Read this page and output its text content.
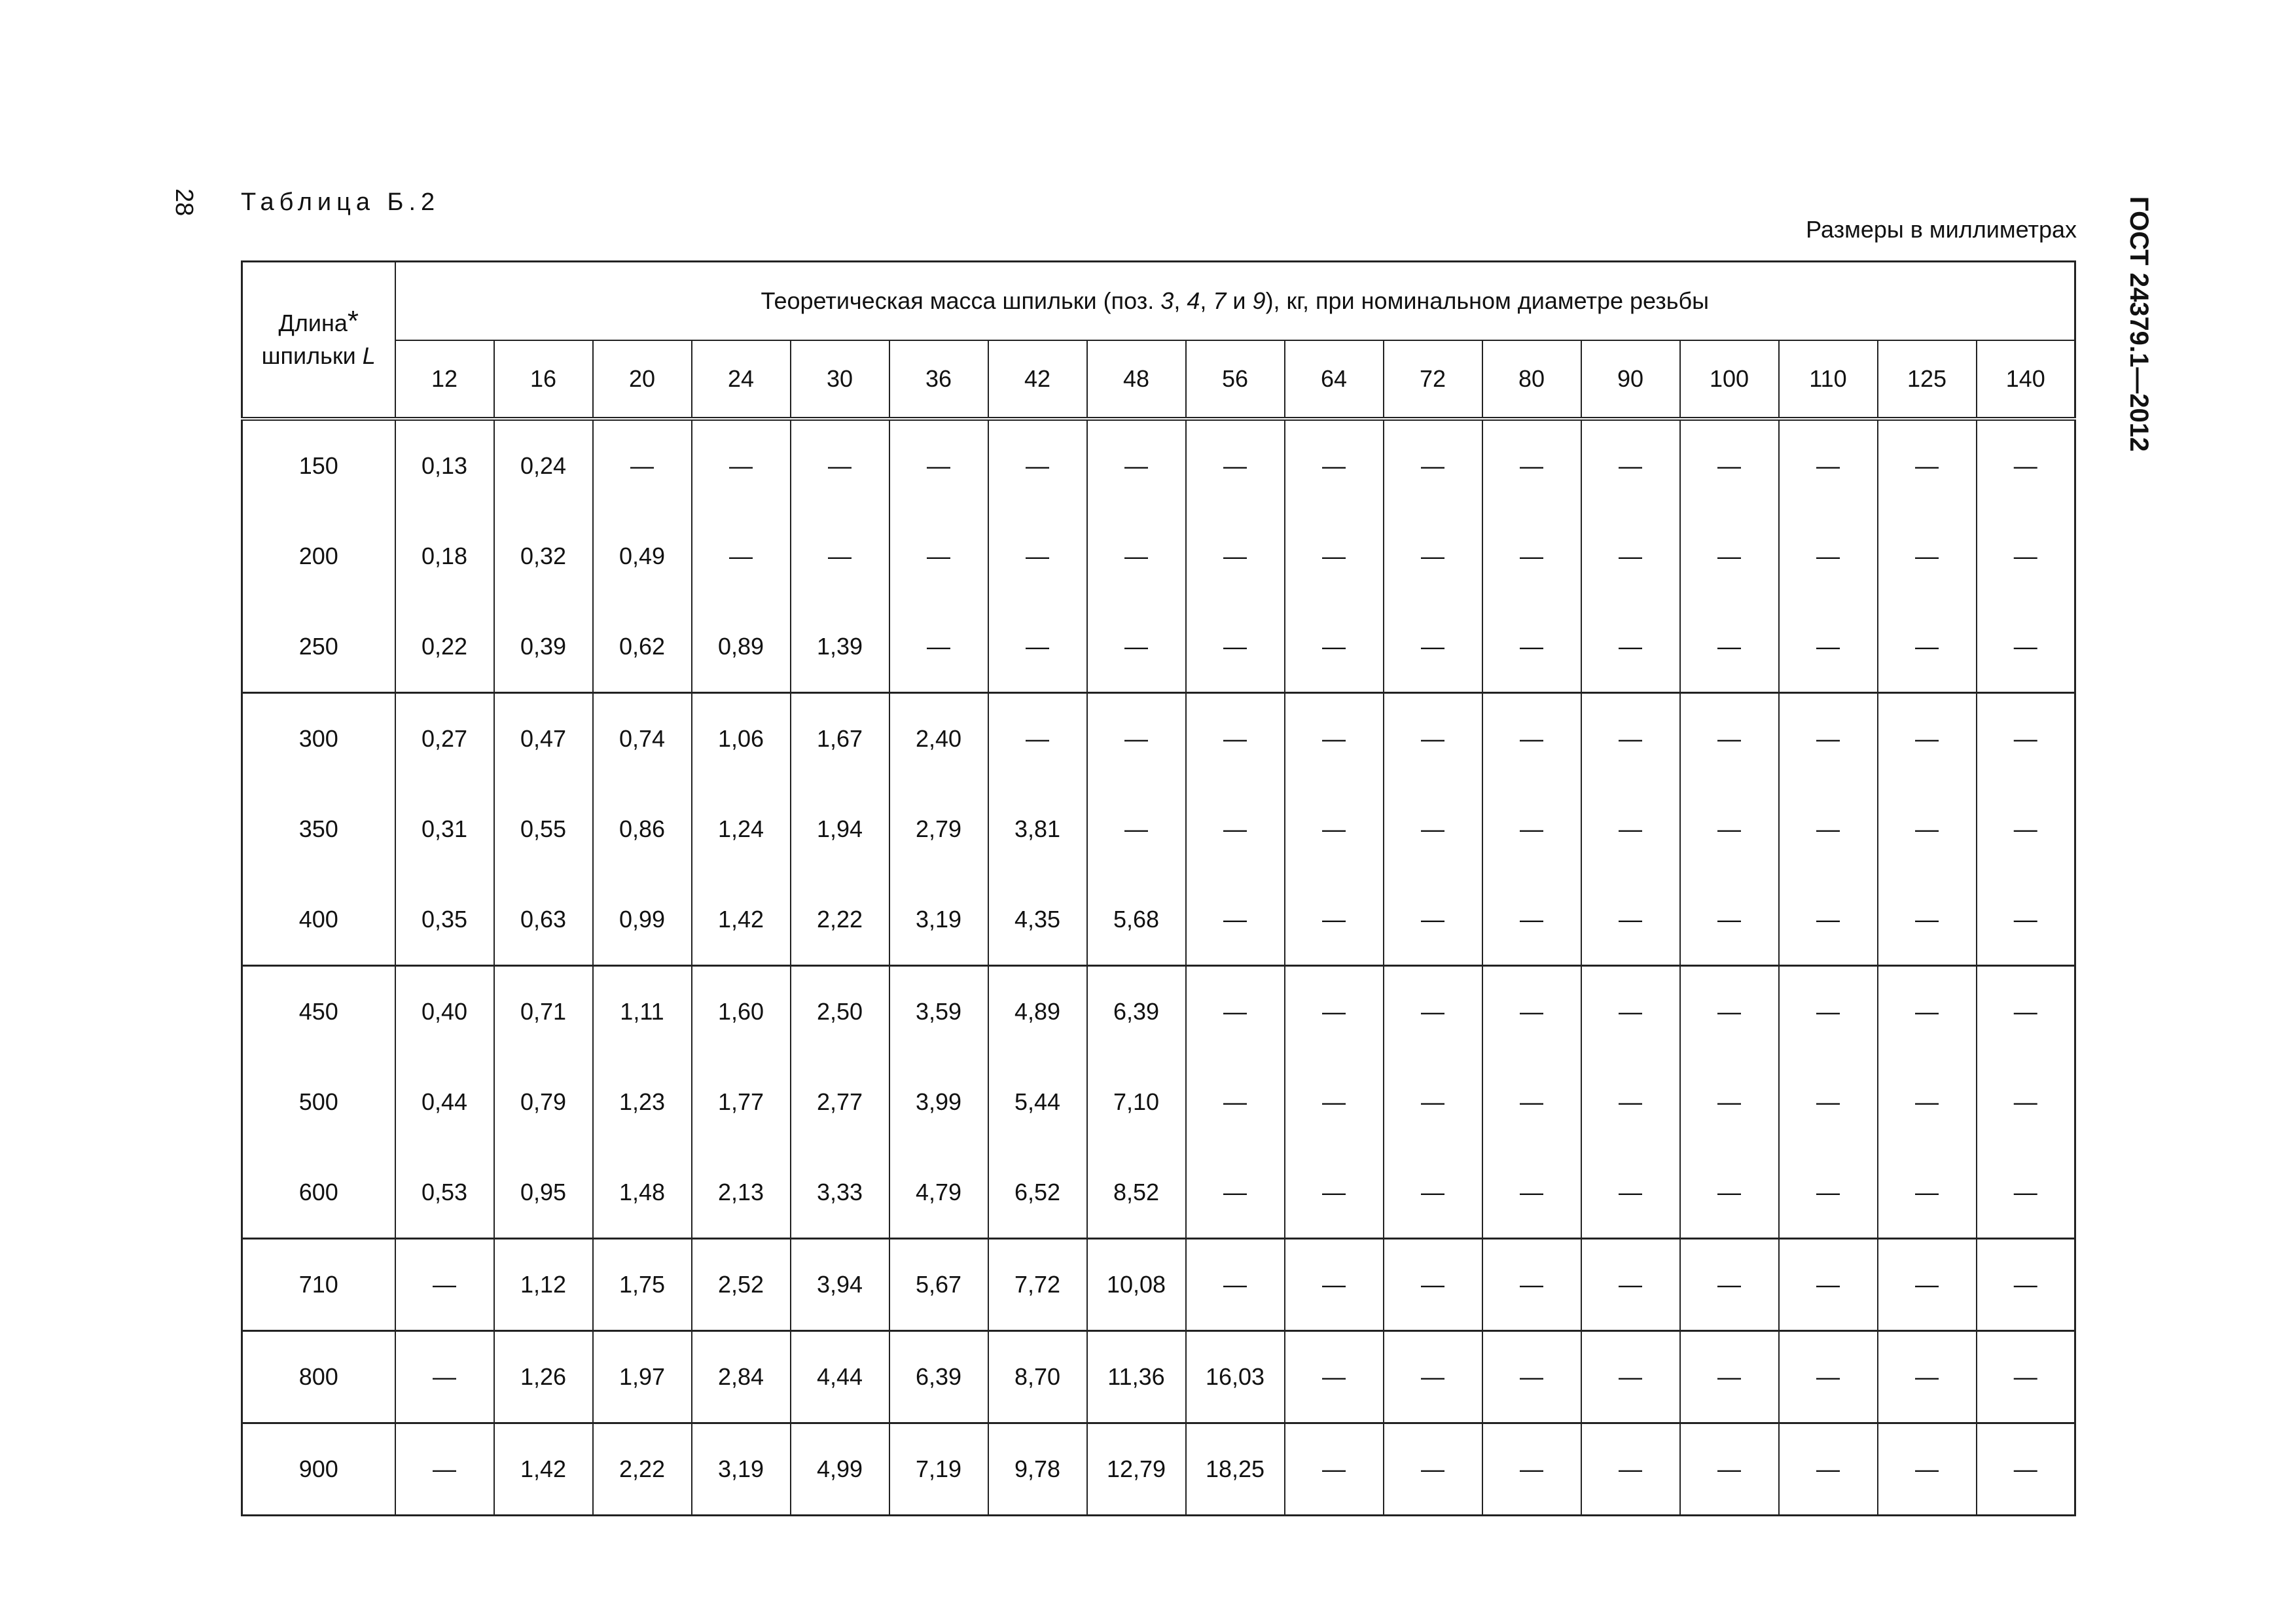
28 Таблица Б.2
Размеры в миллиметрах ГОСТ 24379.1—2012
Длина*
шпильки L	Теоретическая масса шпильки (поз. 3, 4, 7 и 9), кг, при номинальном диаметре резьбы																
	12	16	20	24	30	36	42	48	56	64	72	80	90	100	110	125	140
150	0,13	0,24	—	—	—	—	—	—	—	—	—	—	—	—	—	—	—
200	0,18	0,32	0,49	—	—	—	—	—	—	—	—	—	—	—	—	—	—
250	0,22	0,39	0,62	0,89	1,39	—	—	—	—	—	—	—	—	—	—	—	—
300	0,27	0,47	0,74	1,06	1,67	2,40	—	—	—	—	—	—	—	—	—	—	—
350	0,31	0,55	0,86	1,24	1,94	2,79	3,81	—	—	—	—	—	—	—	—	—	—
400	0,35	0,63	0,99	1,42	2,22	3,19	4,35	5,68	—	—	—	—	—	—	—	—	—
450	0,40	0,71	1,11	1,60	2,50	3,59	4,89	6,39	—	—	—	—	—	—	—	—	—
500	0,44	0,79	1,23	1,77	2,77	3,99	5,44	7,10	—	—	—	—	—	—	—	—	—
600	0,53	0,95	1,48	2,13	3,33	4,79	6,52	8,52	—	—	—	—	—	—	—	—	—
710	—	1,12	1,75	2,52	3,94	5,67	7,72	10,08	—	—	—	—	—	—	—	—	—
800	—	1,26	1,97	2,84	4,44	6,39	8,70	11,36	16,03	—	—	—	—	—	—	—	—
900	—	1,42	2,22	3,19	4,99	7,19	9,78	12,79	18,25	—	—	—	—	—	—	—	—
